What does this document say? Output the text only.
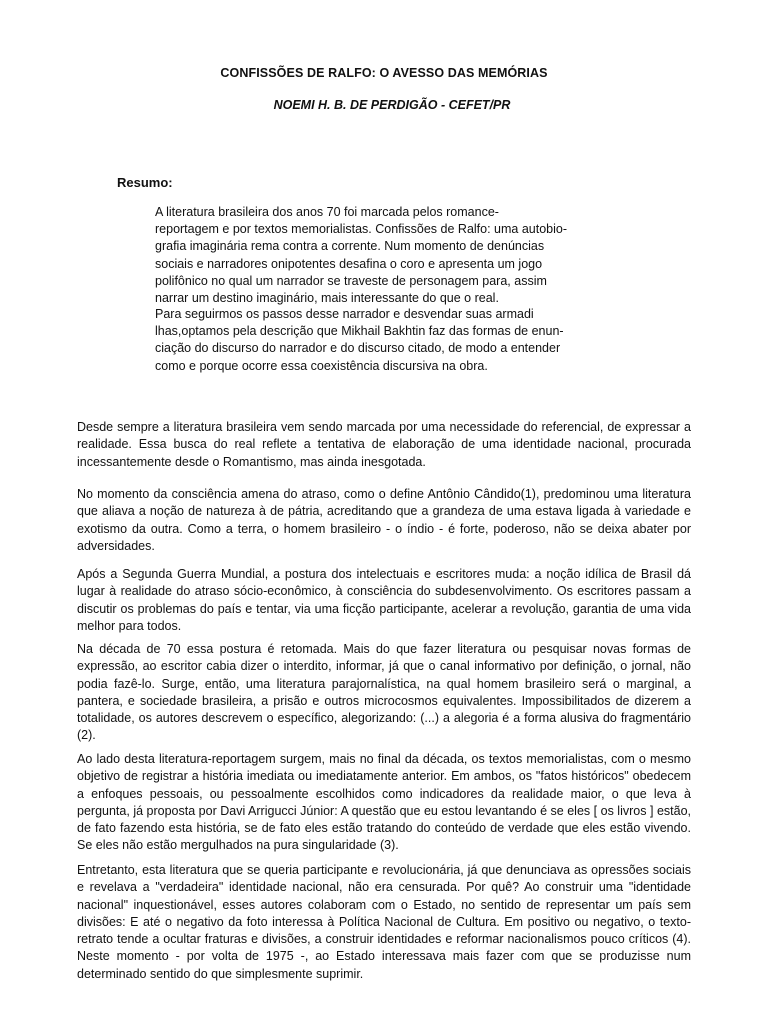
CONFISSÕES DE RALFO: O AVESSO DAS MEMÓRIAS
NOEMI H. B. DE PERDIGÃO - CEFET/PR
Resumo:
A literatura brasileira dos anos 70 foi marcada pelos romance-
reportagem e por textos memorialistas. Confissões de Ralfo: uma autobio-
grafia imaginária rema contra a corrente. Num momento de denúncias
sociais e narradores onipotentes desafina o coro e apresenta um jogo
polifônico no qual um narrador se traveste de personagem para, assim
narrar um destino imaginário, mais interessante do que o real.
Para seguirmos os passos desse narrador e desvendar suas armadi
lhas,optamos pela descrição que Mikhail Bakhtin faz das formas de enun-
ciação do discurso do narrador e do discurso citado, de modo a entender
como e porque ocorre essa coexistência discursiva na obra.

Desde sempre a literatura brasileira vem sendo marcada por uma necessidade do referencial, de expressar a realidade. Essa busca do real reflete a tentativa de elaboração de uma identidade nacional, procurada incessantemente desde o Romantismo, mas ainda inesgotada.

No momento da consciência amena do atraso, como o define Antônio Cândido(1), predominou uma literatura que aliava a noção de natureza à de pátria, acreditando que a grandeza de uma estava ligada à variedade e exotismo da outra. Como a terra, o homem brasileiro - o índio - é forte, poderoso, não se deixa abater por adversidades.

Após a Segunda Guerra Mundial, a postura dos intelectuais e escritores muda: a noção idílica de Brasil dá lugar à realidade do atraso sócio-econômico, à consciência do subdesenvolvimento. Os escritores passam a discutir os problemas do país e tentar, via uma ficção participante, acelerar a revolução, garantia de uma vida melhor para todos.

Na década de 70 essa postura é retomada. Mais do que fazer literatura ou pesquisar novas formas de expressão, ao escritor cabia dizer o interdito, informar, já que o canal informativo por definição, o jornal, não podia fazê-lo. Surge, então, uma literatura parajornalística, na qual homem brasileiro será o marginal, a pantera, e sociedade brasileira, a prisão e outros microcosmos equivalentes. Impossibilitados de dizerem a totalidade, os autores descrevem o específico, alegorizando: (...) a alegoria é a forma alusiva do fragmentário (2).

Ao lado desta literatura-reportagem surgem, mais no final da década, os textos memorialistas, com o mesmo objetivo de registrar a história imediata ou imediatamente anterior. Em ambos, os "fatos históricos" obedecem a enfoques pessoais, ou pessoalmente escolhidos como indicadores da realidade maior, o que leva à pergunta, já proposta por Davi Arrigucci Júnior: A questão que eu estou levantando é se eles [ os livros ] estão, de fato fazendo esta história, se de fato eles estão tratando do conteúdo de verdade que eles estão vivendo. Se eles não estão mergulhados na pura singularidade (3).

Entretanto, esta literatura que se queria participante e revolucionária, já que denunciava as opressões sociais e revelava a "verdadeira" identidade nacional, não era censurada. Por quê? Ao construir uma "identidade nacional" inquestionável, esses autores colaboram com o Estado, no sentido de representar um país sem divisões: E até o negativo da foto interessa à Política Nacional de Cultura. Em positivo ou negativo, o texto-retrato tende a ocultar fraturas e divisões, a construir identidades e reformar nacionalismos pouco críticos (4). Neste momento - por volta de 1975 -, ao Estado interessava mais fazer com que se produzisse num determinado sentido do que simplesmente suprimir.
